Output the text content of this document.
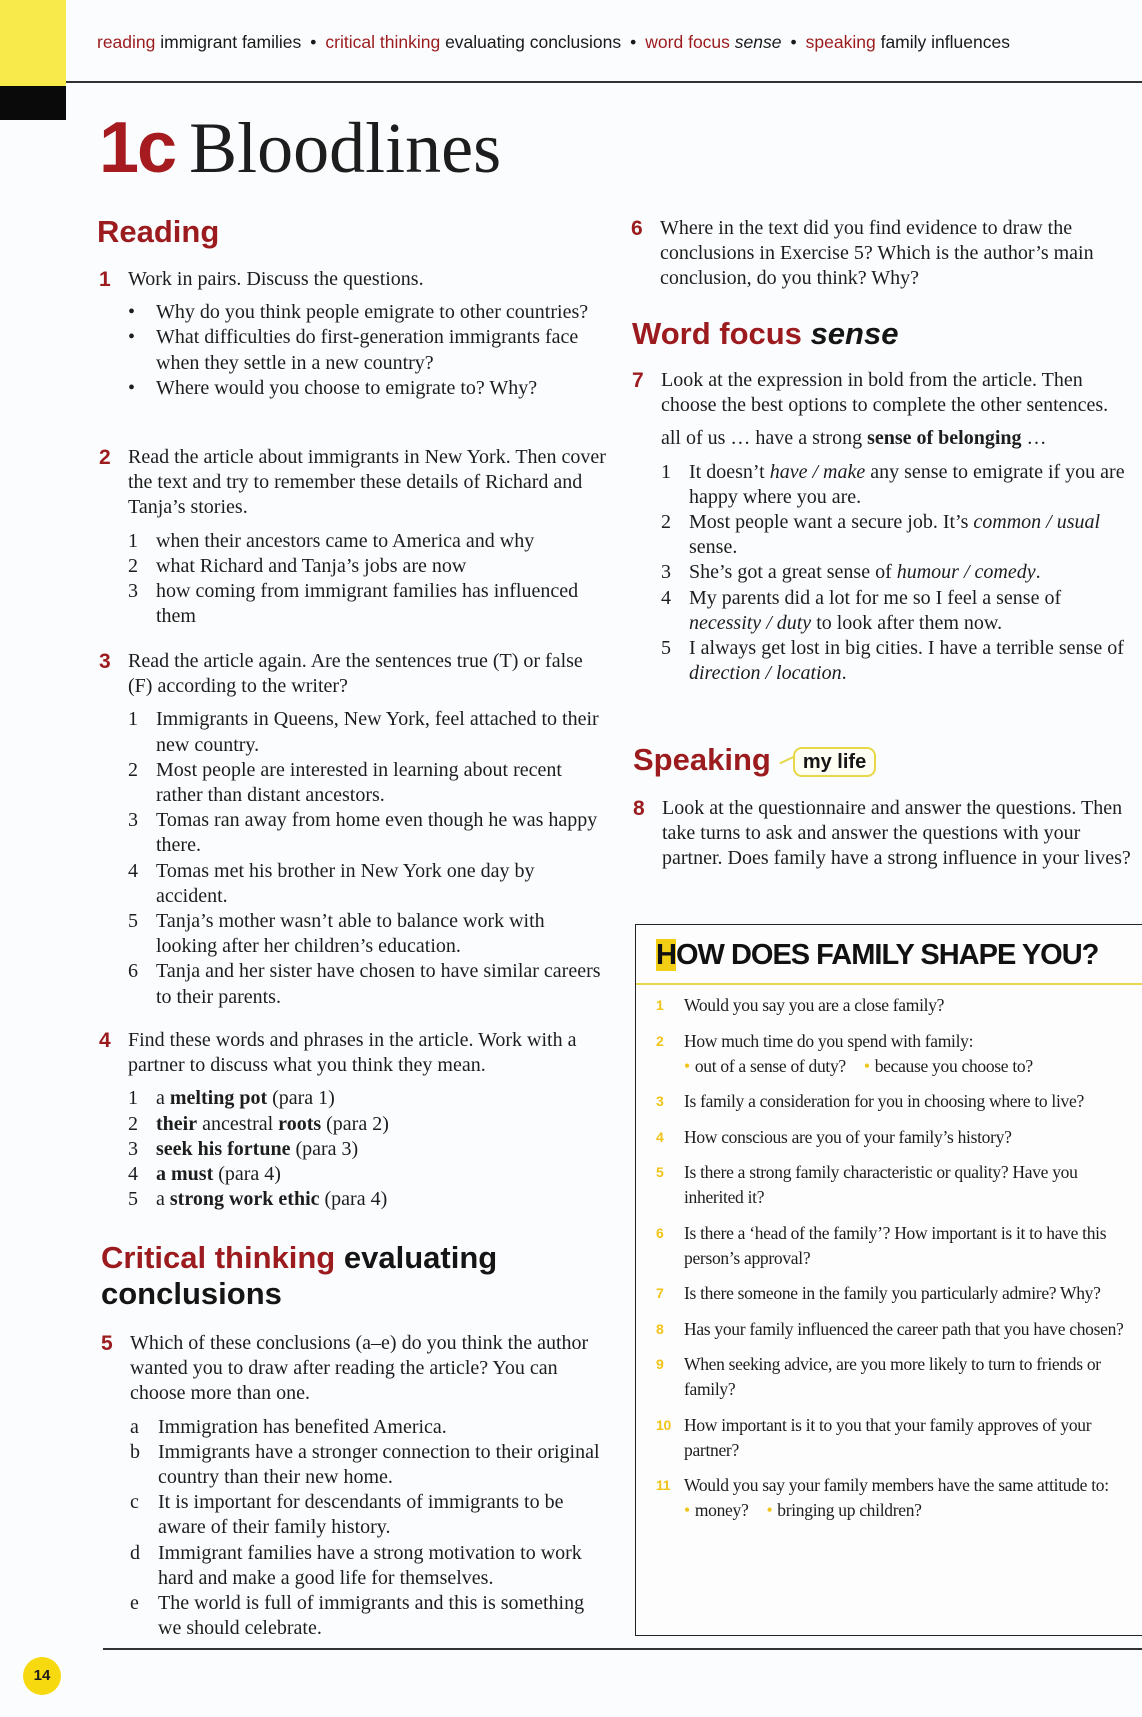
reading immigrant families • critical thinking evaluating conclusions • word focus sense • speaking family influences
1c Bloodlines
Reading
1 Work in pairs. Discuss the questions.
• Why do you think people emigrate to other countries?
• What difficulties do first-generation immigrants face when they settle in a new country?
• Where would you choose to emigrate to? Why?
2 Read the article about immigrants in New York. Then cover the text and try to remember these details of Richard and Tanja’s stories.
1 when their ancestors came to America and why
2 what Richard and Tanja’s jobs are now
3 how coming from immigrant families has influenced them
3 Read the article again. Are the sentences true (T) or false (F) according to the writer?
1 Immigrants in Queens, New York, feel attached to their new country.
2 Most people are interested in learning about recent rather than distant ancestors.
3 Tomas ran away from home even though he was happy there.
4 Tomas met his brother in New York one day by accident.
5 Tanja’s mother wasn’t able to balance work with looking after her children’s education.
6 Tanja and her sister have chosen to have similar careers to their parents.
4 Find these words and phrases in the article. Work with a partner to discuss what you think they mean.
1 a melting pot (para 1)
2 their ancestral roots (para 2)
3 seek his fortune (para 3)
4 a must (para 4)
5 a strong work ethic (para 4)
Critical thinking evaluating conclusions
5 Which of these conclusions (a–e) do you think the author wanted you to draw after reading the article? You can choose more than one.
a Immigration has benefited America.
b Immigrants have a stronger connection to their original country than their new home.
c It is important for descendants of immigrants to be aware of their family history.
d Immigrant families have a strong motivation to work hard and make a good life for themselves.
e The world is full of immigrants and this is something we should celebrate.
6 Where in the text did you find evidence to draw the conclusions in Exercise 5? Which is the author’s main conclusion, do you think? Why?
Word focus sense
7 Look at the expression in bold from the article. Then choose the best options to complete the other sentences.
all of us … have a strong sense of belonging …
1 It doesn’t have / make any sense to emigrate if you are happy where you are.
2 Most people want a secure job. It’s common / usual sense.
3 She’s got a great sense of humour / comedy.
4 My parents did a lot for me so I feel a sense of necessity / duty to look after them now.
5 I always get lost in big cities. I have a terrible sense of direction / location.
Speaking my life
8 Look at the questionnaire and answer the questions. Then take turns to ask and answer the questions with your partner. Does family have a strong influence in your lives?
HOW DOES FAMILY SHAPE YOU?
1 Would you say you are a close family?
2 How much time do you spend with family:
• out of a sense of duty? • because you choose to?
3 Is family a consideration for you in choosing where to live?
4 How conscious are you of your family’s history?
5 Is there a strong family characteristic or quality? Have you inherited it?
6 Is there a ‘head of the family’? How important is it to have this person’s approval?
7 Is there someone in the family you particularly admire? Why?
8 Has your family influenced the career path that you have chosen?
9 When seeking advice, are you more likely to turn to friends or family?
10 How important is it to you that your family approves of your partner?
11 Would you say your family members have the same attitude to:
• money? • bringing up children?
14
